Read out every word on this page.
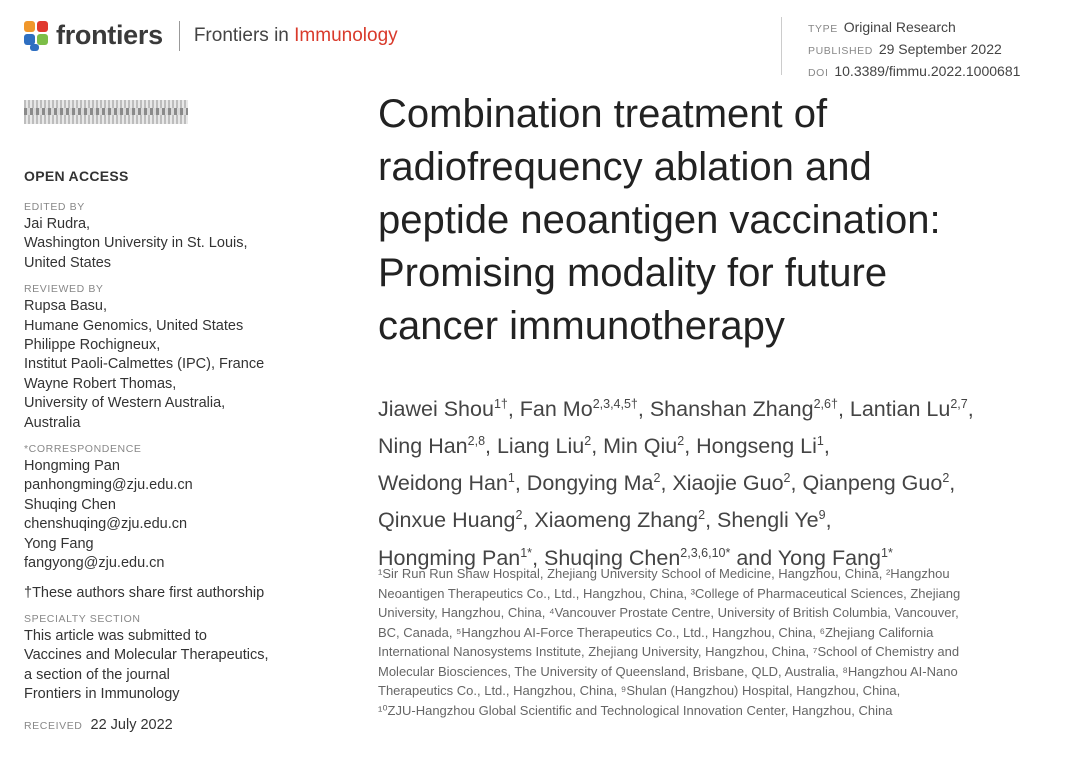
frontiers Frontiers in Immunology	TYPE Original Research
PUBLISHED 29 September 2022
DOI 10.3389/fimmu.2022.1000681
OPEN ACCESS
EDITED BY
Jai Rudra,
Washington University in St. Louis,
United States
REVIEWED BY
Rupsa Basu,
Humane Genomics, United States
Philippe Rochigneux,
Institut Paoli-Calmettes (IPC), France
Wayne Robert Thomas,
University of Western Australia,
Australia
*CORRESPONDENCE
Hongming Pan
panhongming@zju.edu.cn
Shuqing Chen
chenshuqing@zju.edu.cn
Yong Fang
fangyong@zju.edu.cn
†These authors share first authorship
SPECIALTY SECTION
This article was submitted to
Vaccines and Molecular Therapeutics,
a section of the journal
Frontiers in Immunology
RECEIVED 22 July 2022
Combination treatment of
radiofrequency ablation and
peptide neoantigen vaccination:
Promising modality for future
cancer immunotherapy
Jiawei Shou$^{1\dagger}$, Fan $Mo^{2,3,4,5\dagger}$, Shanshan Zhang$^{2,6\dagger}$, Lantian Lu$^{2,7}$,
Ning Han$^{2,8}$, Liang Liu$^2$, Min Qiu$^2$, Hongseng Li$^1$,
Weidong Han$^1$, Dongying Ma$^2$, Xiaojie Guo$^2$, Qianpeng Guo$^2$,
Qinxue Huang$^2$, Xiaomeng Zhang$^2$, Shengli Ye$^9$,
Hongming Pan$^{1*}$, Shuqing Chen$^{2,3,6,10*}$ and Yong Fang$^{1*}$
¹Sir Run Run Shaw Hospital, Zhejiang University School of Medicine, Hangzhou, China, ²Hangzhou
Neoantigen Therapeutics Co., Ltd., Hangzhou, China, ³College of Pharmaceutical Sciences, Zhejiang
University, Hangzhou, China, ⁴Vancouver Prostate Centre, University of British Columbia, Vancouver,
BC, Canada, ⁵Hangzhou AI-Force Therapeutics Co., Ltd., Hangzhou, China, ⁶Zhejiang California
International Nanosystems Institute, Zhejiang University, Hangzhou, China, ⁷School of Chemistry and
Molecular Biosciences, The University of Queensland, Brisbane, QLD, Australia, ⁸Hangzhou AI-Nano
Therapeutics Co., Ltd., Hangzhou, China, ⁹Shulan (Hangzhou) Hospital, Hangzhou, China,
¹⁰ZJU-Hangzhou Global Scientific and Technological Innovation Center, Hangzhou, China
